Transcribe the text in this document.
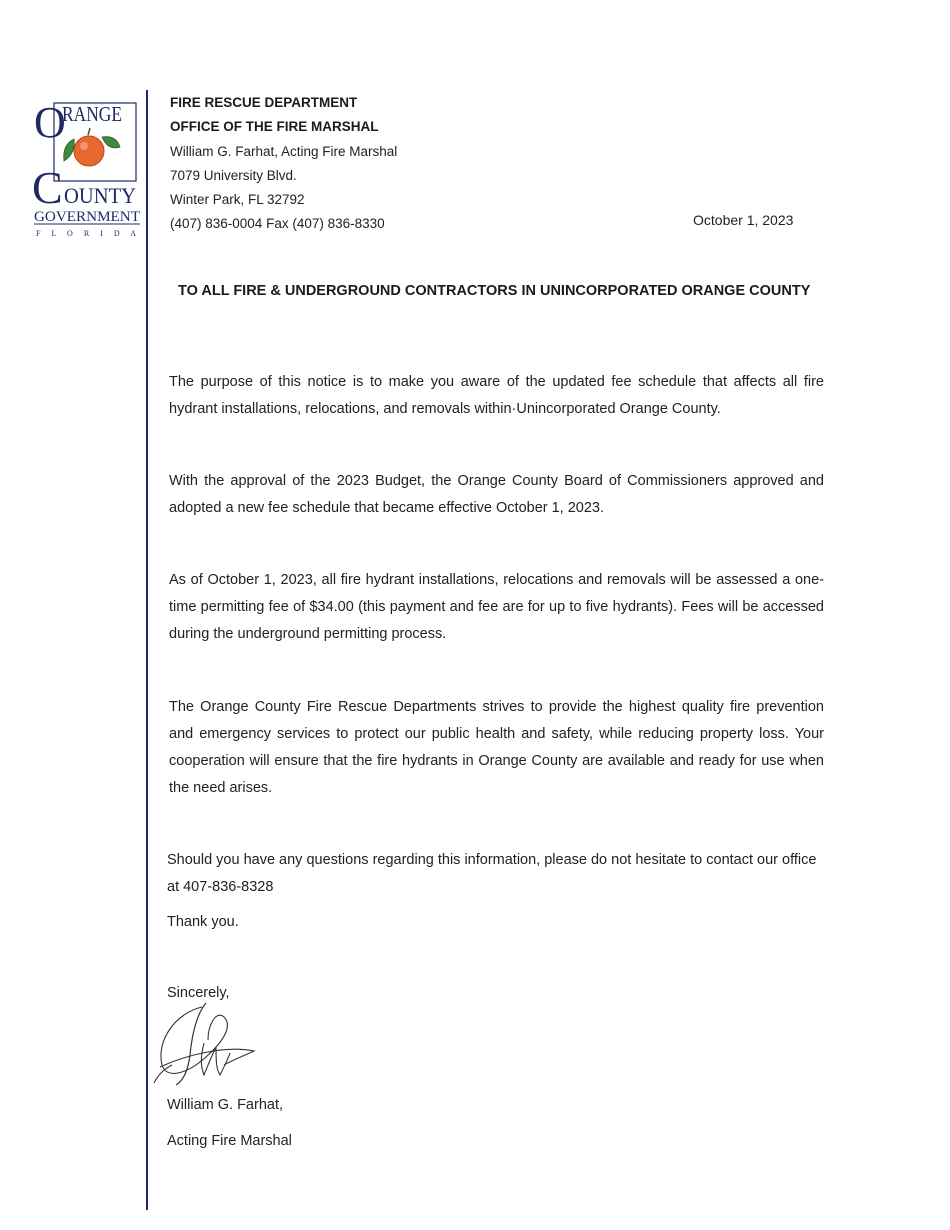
O
RANGE
C OUNTY
GOVERNMENT
F L O R I D A
FIRE RESCUE DEPARTMENT
OFFICE OF THE FIRE MARSHAL
William G. Farhat, Acting Fire Marshal
7079 University Blvd.
Winter Park, FL 32792
(407) 836-0004 Fax (407) 836-8330	October 1, 2023
TO ALL FIRE & UNDERGROUND CONTRACTORS IN UNINCORPORATED ORANGE COUNTY
The purpose of this notice is to make you aware of the updated fee schedule that affects all fire hydrant installations, relocations, and removals within·Unincorporated Orange County.
With the approval of the 2023 Budget, the Orange County Board of Commissioners approved and adopted a new fee schedule that became effective October 1, 2023.
As of October 1, 2023, all fire hydrant installations, relocations and removals will be assessed a one-time permitting fee of $34.00 (this payment and fee are for up to five hydrants). Fees will be accessed during the underground permitting process.
The Orange County Fire Rescue Departments strives to provide the highest quality fire prevention and emergency services to protect our public health and safety, while reducing property loss. Your cooperation will ensure that the fire hydrants in Orange County are available and ready for use when the need arises.
Should you have any questions regarding this information, please do not hesitate to contact our office at 407-836-8328
Thank you.
Sincerely,
William G. Farhat,
Acting Fire Marshal
